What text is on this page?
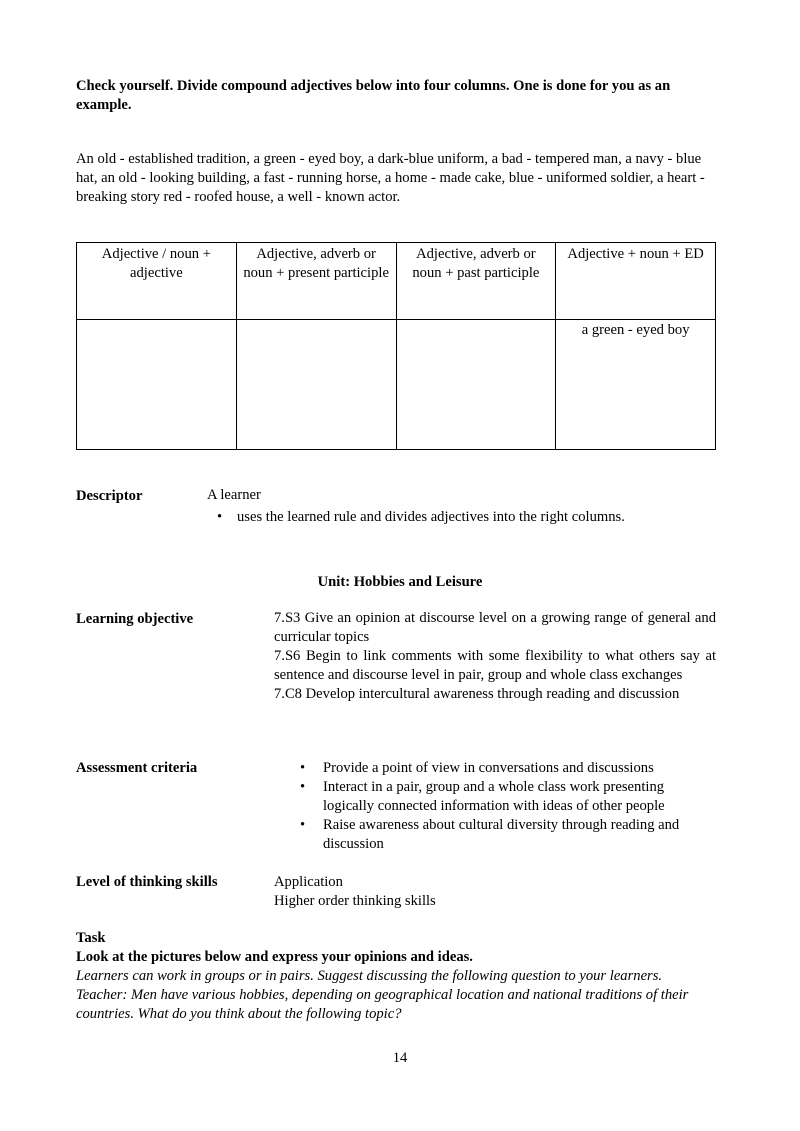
Check yourself. Divide compound adjectives below into four columns. One is done for you as an example.
An old - established tradition, a green - eyed boy, a dark-blue uniform, a bad - tempered man, a navy - blue hat, an old - looking building, a fast - running horse, a home - made cake, blue - uniformed soldier, a heart - breaking story red - roofed house, a well - known actor.
Adjective / noun + adjective	Adjective, adverb or noun + present participle	Adjective, adverb or noun + past participle	Adjective + noun + ED
			a green - eyed boy
Descriptor	A learner
•	uses the learned rule and divides adjectives into the right columns.
Unit: Hobbies and Leisure
Learning objective	7.S3 Give an opinion at discourse level on a growing range of general and curricular topics

7.S6 Begin to link comments with some flexibility to what others say at sentence and discourse level in pair, group and whole class exchanges

7.C8 Develop intercultural awareness through reading and discussion

Assessment criteria	•	Provide a point of view in conversations and discussions
•	Interact in a pair, group and a whole class work presenting logically connected information with ideas of other people
•	Raise awareness about cultural diversity through reading and discussion
Level of thinking skills	Application
Higher order thinking skills

Task

Look at the pictures below and express your opinions and ideas.

Learners can work in groups or in pairs. Suggest discussing the following question to your learners.

Teacher: Men have various hobbies, depending on geographical location and national traditions of their countries. What do you think about the following topic?

14
